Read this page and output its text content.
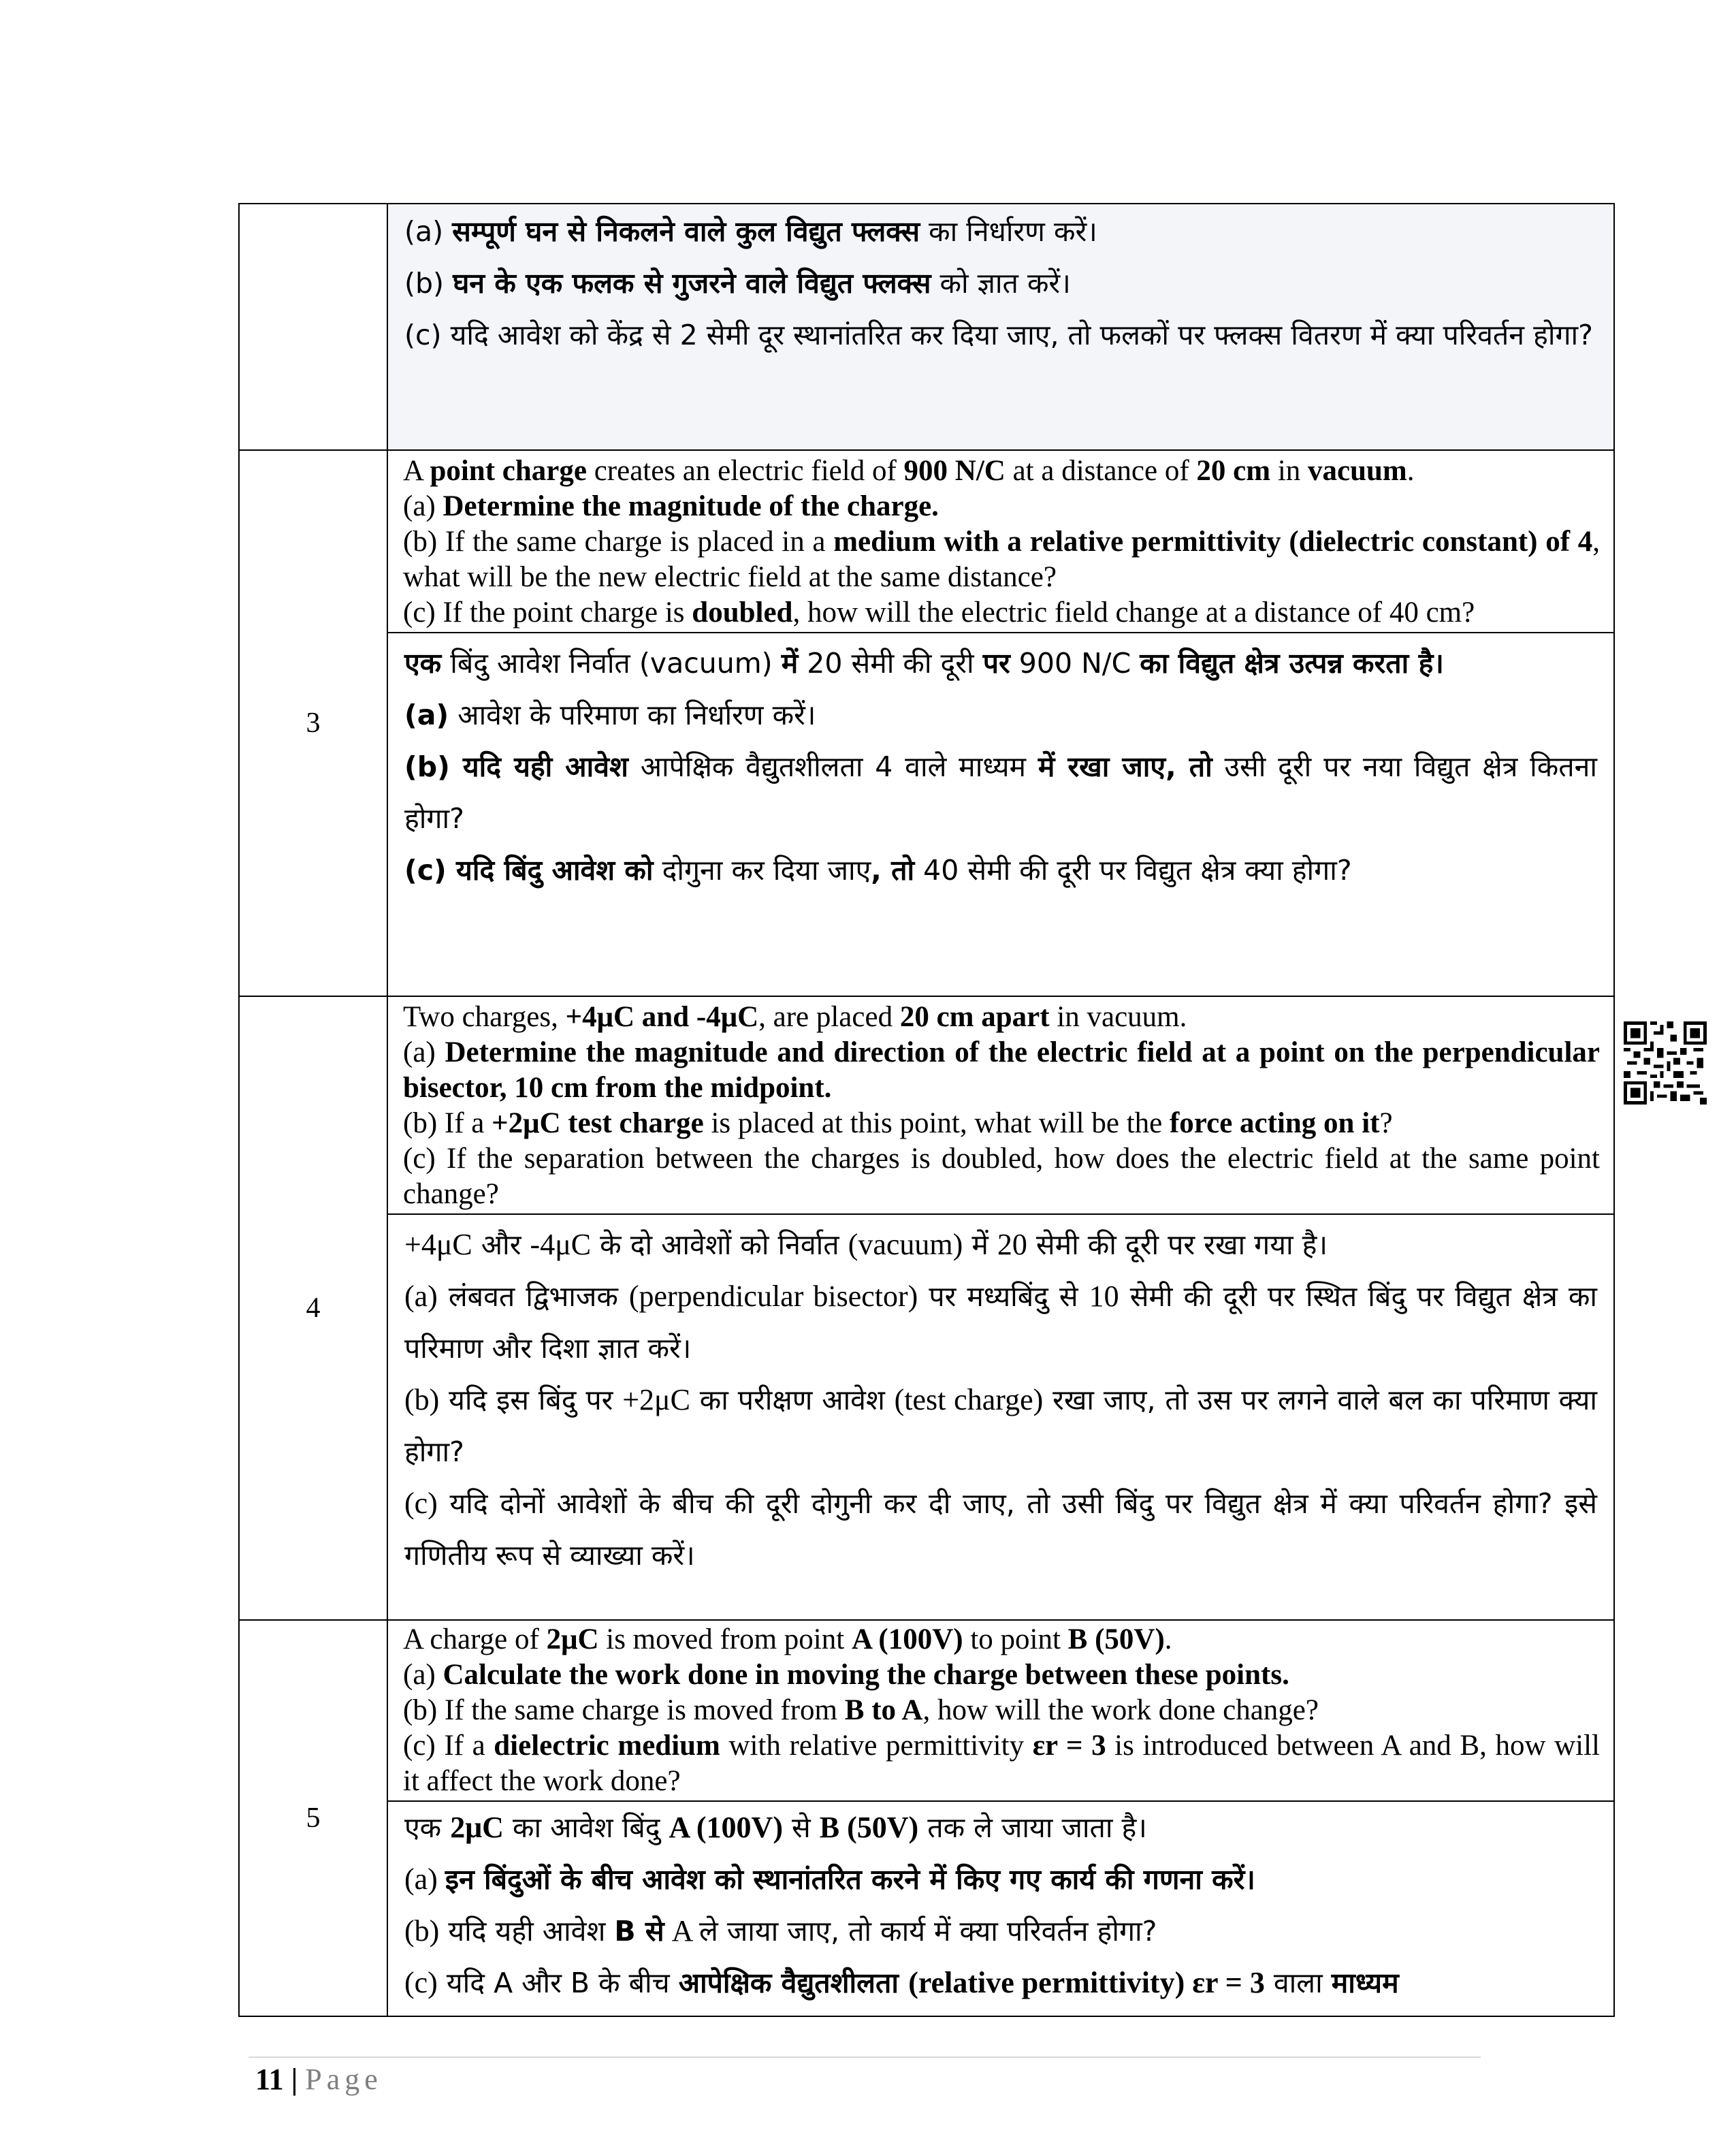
	(a) सम्पूर्ण घन से निकलने वाले कुल विद्युत फ्लक्स का निर्धारण करें।
(b) घन के एक फलक से गुजरने वाले विद्युत फ्लक्स को ज्ञात करें।
(c) यदि आवेश को केंद्र से 2 सेमी दूर स्थानांतरित कर दिया जाए, तो फलकों पर फ्लक्स वितरण में क्या परिवर्तन होगा?

3	A point charge creates an electric field of 900 N/C at a distance of 20 cm in vacuum.
(a) Determine the magnitude of the charge.
(b) If the same charge is placed in a medium with a relative permittivity (dielectric constant) of 4, what will be the new electric field at the same distance?
(c) If the point charge is doubled, how will the electric field change at a distance of 40 cm?

	एक बिंदु आवेश निर्वात (vacuum) में 20 सेमी की दूरी पर 900 N/C का विद्युत क्षेत्र उत्पन्न करता है।
(a) आवेश के परिमाण का निर्धारण करें।
(b) यदि यही आवेश आपेक्षिक वैद्युतशीलता 4 वाले माध्यम में रखा जाए, तो उसी दूरी पर नया विद्युत क्षेत्र कितना होगा?
(c) यदि बिंदु आवेश को दोगुना कर दिया जाए, तो 40 सेमी की दूरी पर विद्युत क्षेत्र क्या होगा?

4	Two charges, +4μC and -4μC, are placed 20 cm apart in vacuum.
(a) Determine the magnitude and direction of the electric field at a point on the perpendicular bisector, 10 cm from the midpoint.
(b) If a +2μC test charge is placed at this point, what will be the force acting on it?
(c) If the separation between the charges is doubled, how does the electric field at the same point change?

	+4μC और -4μC के दो आवेशों को निर्वात (vacuum) में 20 सेमी की दूरी पर रखा गया है।
(a) लंबवत द्विभाजक (perpendicular bisector) पर मध्यबिंदु से 10 सेमी की दूरी पर स्थित बिंदु पर विद्युत क्षेत्र का परिमाण और दिशा ज्ञात करें।
(b) यदि इस बिंदु पर +2μC का परीक्षण आवेश (test charge) रखा जाए, तो उस पर लगने वाले बल का परिमाण क्या होगा?
(c) यदि दोनों आवेशों के बीच की दूरी दोगुनी कर दी जाए, तो उसी बिंदु पर विद्युत क्षेत्र में क्या परिवर्तन होगा? इसे गणितीय रूप से व्याख्या करें।

5	A charge of 2μC is moved from point A (100V) to point B (50V).
(a) Calculate the work done in moving the charge between these points.
(b) If the same charge is moved from B to A, how will the work done change?
(c) If a dielectric medium with relative permittivity εr = 3 is introduced between A and B, how will it affect the work done?

	एक 2μC का आवेश बिंदु A (100V) से B (50V) तक ले जाया जाता है।
(a) इन बिंदुओं के बीच आवेश को स्थानांतरित करने में किए गए कार्य की गणना करें।
(b) यदि यही आवेश B से A ले जाया जाए, तो कार्य में क्या परिवर्तन होगा?
(c) यदि A और B के बीच आपेक्षिक वैद्युतशीलता (relative permittivity) εr = 3 वाला माध्यम
11 | Page
